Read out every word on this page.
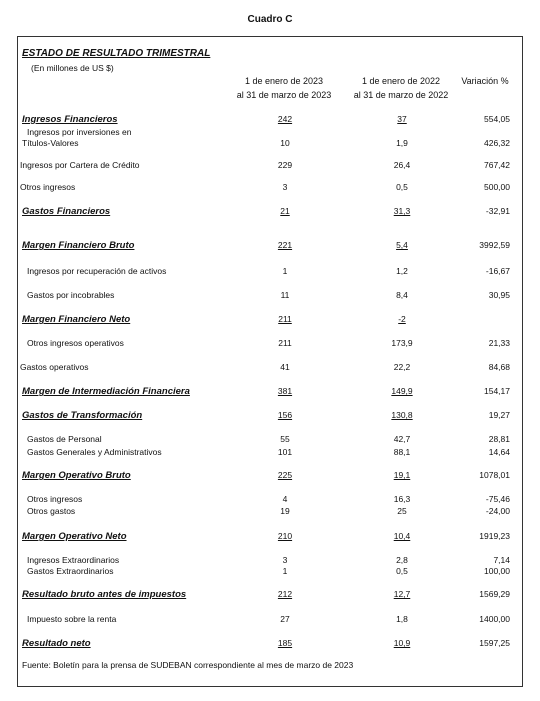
Cuadro C
ESTADO DE RESULTADO TRIMESTRAL
(En millones de US $)
1 de enero de 2023
al 31 de marzo de 2023
1 de enero de 2022
al 31 de marzo de 2022
Variación %
Ingresos Financieros	242	37	554,05
Ingresos por inversiones en
Títulos-Valores	10	1,9	426,32
Ingresos por Cartera de Crédito	229	26,4	767,42
Otros ingresos	3	0,5	500,00
Gastos Financieros	21	31,3	-32,91
Margen Financiero Bruto	221	5,4	3992,59
Ingresos por recuperación de activos	1	1,2	-16,67
Gastos por incobrables	11	8,4	30,95
Margen Financiero Neto	211	-2
Otros ingresos operativos	211	173,9	21,33
Gastos operativos	41	22,2	84,68
Margen de Intermediación Financiera	381	149,9	154,17
Gastos de Transformación	156	130,8	19,27
Gastos de Personal	55	42,7	28,81
Gastos Generales y Administrativos	101	88,1	14,64
Margen Operativo Bruto	225	19,1	1078,01
Otros ingresos	4	16,3	-75,46
Otros gastos	19	25	-24,00
Margen Operativo Neto	210	10,4	1919,23
Ingresos Extraordinarios	3	2,8	7,14
Gastos Extraordinarios	1	0,5	100,00
Resultado bruto antes de impuestos	212	12,7	1569,29
Impuesto sobre la renta	27	1,8	1400,00
Resultado neto	185	10,9	1597,25
Fuente: Boletín para la prensa de SUDEBAN correspondiente al mes de marzo de 2023
